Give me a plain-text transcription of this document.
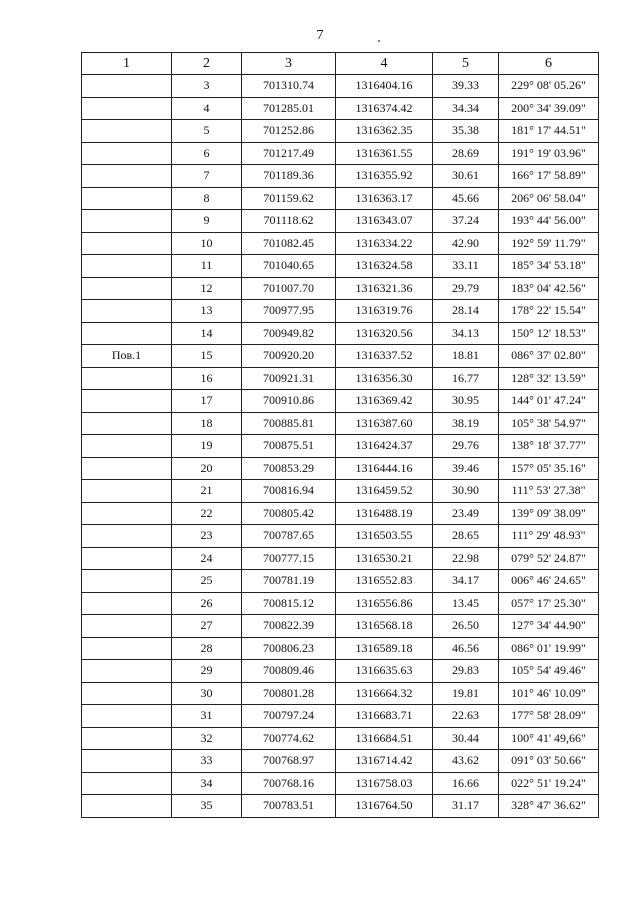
7
1	2	3	4	5	6
	3	701310.74	1316404.16	39.33	229° 08' 05.26"
	4	701285.01	1316374.42	34.34	200° 34' 39.09"
	5	701252.86	1316362.35	35.38	181° 17' 44.51"
	6	701217.49	1316361.55	28.69	191° 19' 03.96"
	7	701189.36	1316355.92	30.61	166° 17' 58.89"
	8	701159.62	1316363.17	45.66	206° 06' 58.04"
	9	701118.62	1316343.07	37.24	193° 44' 56.00"
	10	701082.45	1316334.22	42.90	192° 59' 11.79"
	11	701040.65	1316324.58	33.11	185° 34' 53.18"
	12	701007.70	1316321.36	29.79	183° 04' 42.56"
	13	700977.95	1316319.76	28.14	178° 22' 15.54"
	14	700949.82	1316320.56	34.13	150° 12' 18.53"
Пов.1	15	700920.20	1316337.52	18.81	086° 37' 02.80"
	16	700921.31	1316356.30	16.77	128° 32' 13.59"
	17	700910.86	1316369.42	30.95	144° 01' 47.24"
	18	700885.81	1316387.60	38.19	105° 38' 54.97"
	19	700875.51	1316424.37	29.76	138° 18' 37.77"
	20	700853.29	1316444.16	39.46	157° 05' 35.16"
	21	700816.94	1316459.52	30.90	111° 53' 27.38"
	22	700805.42	1316488.19	23.49	139° 09' 38.09"
	23	700787.65	1316503.55	28.65	111° 29' 48.93"
	24	700777.15	1316530.21	22.98	079° 52' 24.87"
	25	700781.19	1316552.83	34.17	006° 46' 24.65"
	26	700815.12	1316556.86	13.45	057° 17' 25.30"
	27	700822.39	1316568.18	26.50	127° 34' 44.90"
	28	700806.23	1316589.18	46.56	086° 01' 19.99"
	29	700809.46	1316635.63	29.83	105° 54' 49.46"
	30	700801.28	1316664.32	19.81	101° 46' 10.09"
	31	700797.24	1316683.71	22.63	177° 58' 28.09"
	32	700774.62	1316684.51	30.44	100° 41' 49,66"
	33	700768.97	1316714.42	43.62	091° 03' 50.66"
	34	700768.16	1316758.03	16.66	022° 51' 19.24"
	35	700783.51	1316764.50	31.17	328° 47' 36.62"
